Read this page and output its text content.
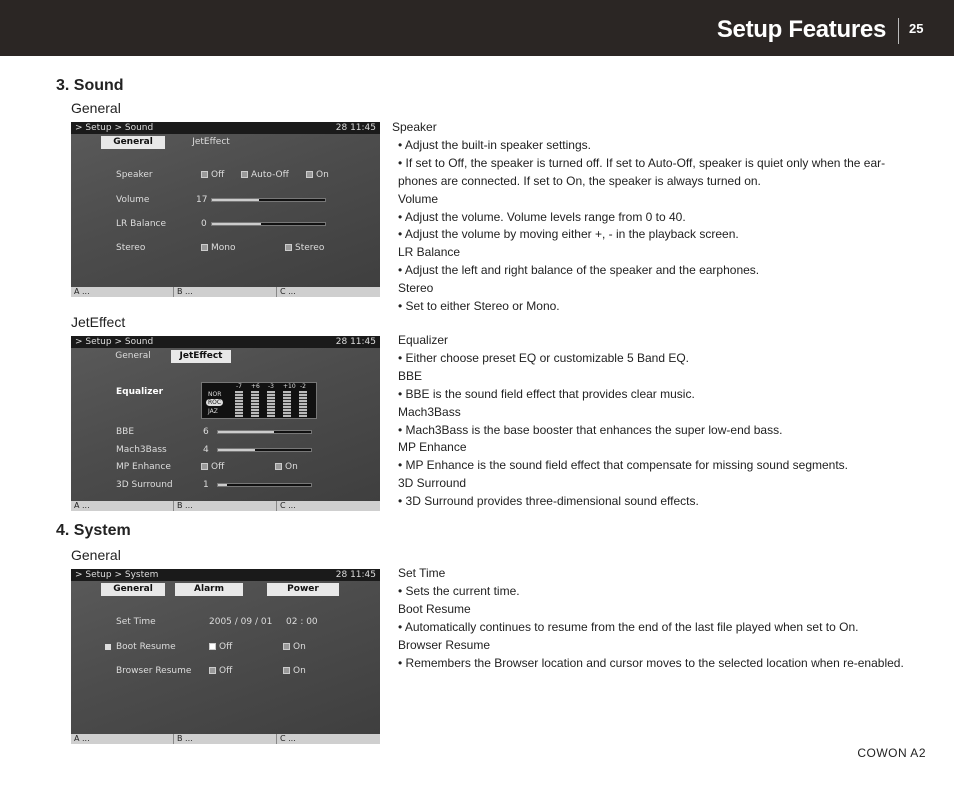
Setup Features 25
3. Sound
General
> Setup > Sound	28 11:45
General	JetEffect
Speaker	Off	Auto-Off	On
Volume	17
LR Balance	0
Stereo	Mono	Stereo
A ...	B ...	C ...

Speaker

• Adjust the built-in speaker settings.

• If set to Off, the speaker is turned off. If set to Auto-Off, speaker is quiet only when the ear-

phones are connected. If set to On, the speaker is always turned on.

Volume

• Adjust the volume. Volume levels range from 0 to 40.

• Adjust the volume by moving either +, - in the playback screen.

LR Balance

• Adjust the left and right balance of the speaker and the earphones.

Stereo

• Set to either Stereo or Mono.

JetEffect
> Setup > Sound	28 11:45
General	JetEffect
Equalizer	NOR
ROC
JAZ
-7 +6 -3 +10 -2
BBE	6
Mach3Bass	4
MP Enhance	Off	On
3D Surround	1
A ...	B ...	C ...

Equalizer

• Either choose preset EQ or customizable 5 Band EQ.

BBE

• BBE is the sound field effect that provides clear music.

Mach3Bass

• Mach3Bass is the base booster that enhances the super low-end bass.

MP Enhance

• MP Enhance is the sound field effect that compensate for missing sound segments.

3D Surround

• 3D Surround provides three-dimensional sound effects.

4. System
General
> Setup > System	28 11:45
General	Alarm	Power
Set Time	2005 / 09 / 01 02 : 00
Boot Resume	Off	On
Browser Resume	Off	On
A ...	B ...	C ...

Set Time

• Sets the current time.

Boot Resume

• Automatically continues to resume from the end of the last file played when set to On.

Browser Resume

• Remembers the Browser location and cursor moves to the selected location when re-enabled.

COWON A2
